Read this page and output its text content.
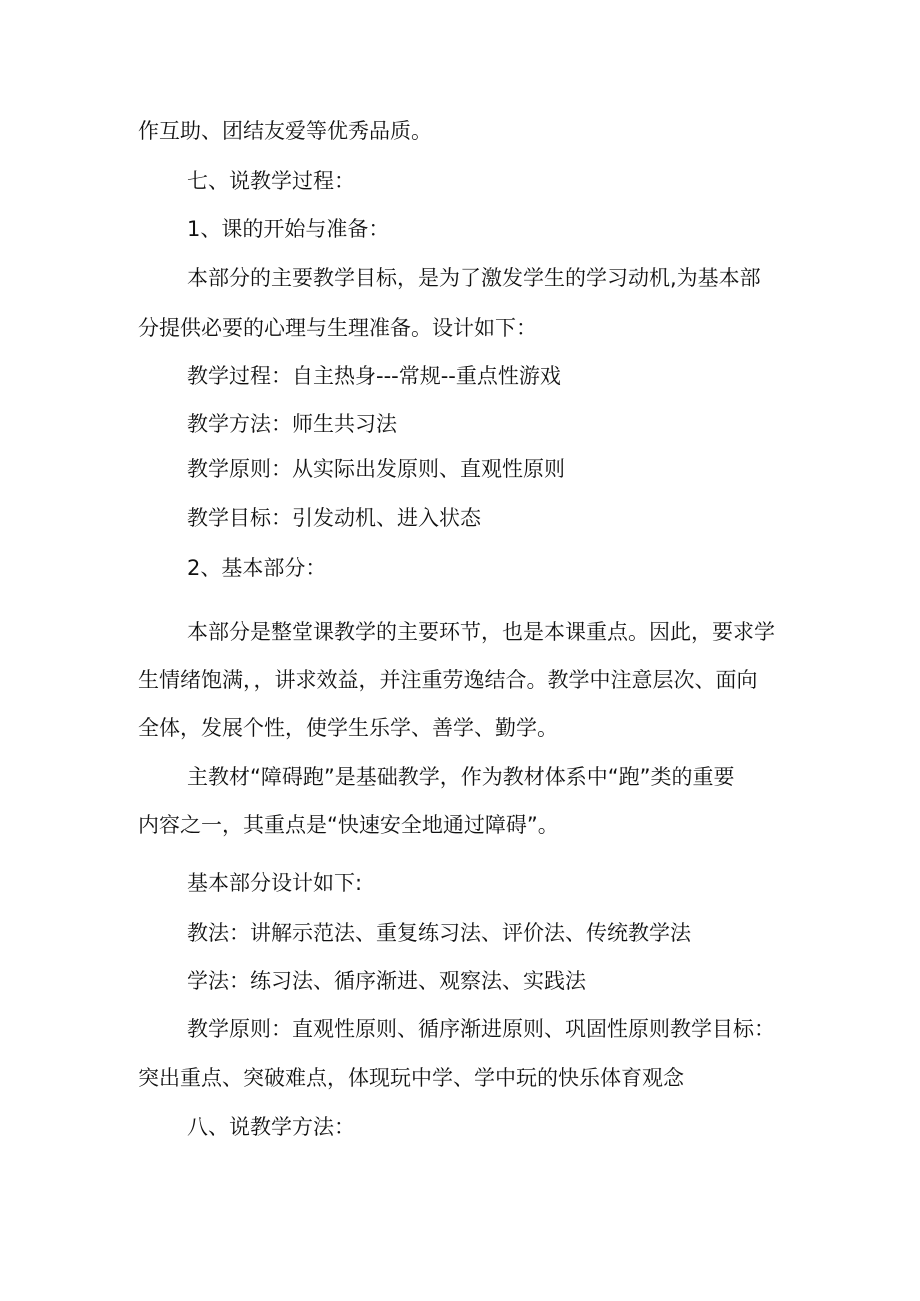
作互助、团结友爱等优秀品质。
七、说教学过程：
1、课的开始与准备：
本部分的主要教学目标，是为了激发学生的学习动机,为基本部
分提供必要的心理与生理准备。设计如下：
教学过程：自主热身---常规--重点性游戏
教学方法：师生共习法
教学原则：从实际出发原则、直观性原则
教学目标：引发动机、进入状态
2、基本部分：
本部分是整堂课教学的主要环节，也是本课重点。因此，要求学
生情绪饱满，，讲求效益，并注重劳逸结合。教学中注意层次、面向
全体，发展个性，使学生乐学、善学、勤学。
主教材“障碍跑”是基础教学，作为教材体系中“跑”类的重要
内容之一，其重点是“快速安全地通过障碍”。
基本部分设计如下:
教法：讲解示范法、重复练习法、评价法、传统教学法
学法：练习法、循序渐进、观察法、实践法
教学原则：直观性原则、循序渐进原则、巩固性原则教学目标：
突出重点、突破难点，体现玩中学、学中玩的快乐体育观念
八、说教学方法：
